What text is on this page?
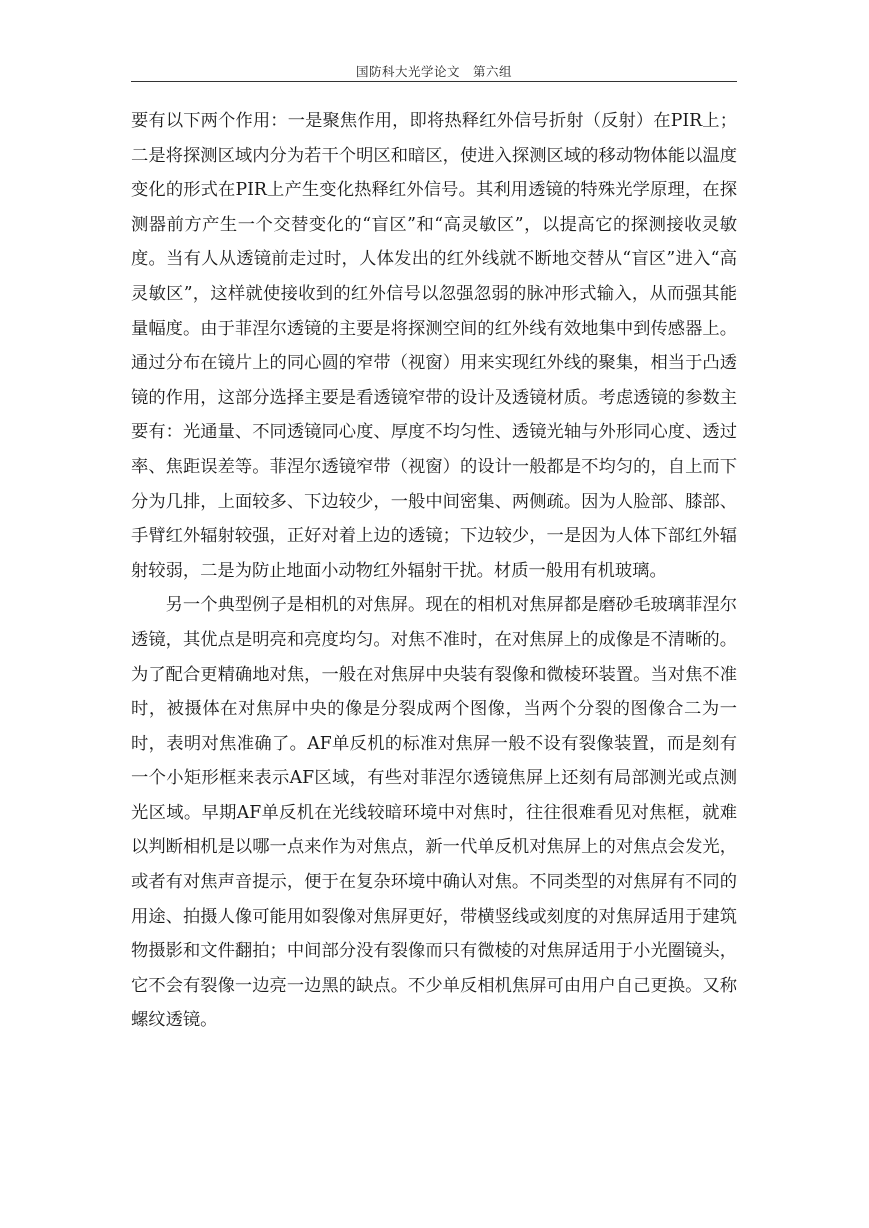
国防科大光学论文　第六组

要有以下两个作用：一是聚焦作用，即将热释红外信号折射（反射）在PIR上；二是将探测区域内分为若干个明区和暗区，使进入探测区域的移动物体能以温度变化的形式在PIR上产生变化热释红外信号。其利用透镜的特殊光学原理，在探测器前方产生一个交替变化的“盲区”和“高灵敏区”，以提高它的探测接收灵敏度。当有人从透镜前走过时，人体发出的红外线就不断地交替从“盲区”进入“高灵敏区”，这样就使接收到的红外信号以忽强忽弱的脉冲形式输入，从而强其能量幅度。由于菲涅尔透镜的主要是将探测空间的红外线有效地集中到传感器上。通过分布在镜片上的同心圆的窄带（视窗）用来实现红外线的聚集，相当于凸透镜的作用，这部分选择主要是看透镜窄带的设计及透镜材质。考虑透镜的参数主要有：光通量、不同透镜同心度、厚度不均匀性、透镜光轴与外形同心度、透过率、焦距误差等。菲涅尔透镜窄带（视窗）的设计一般都是不均匀的，自上而下分为几排，上面较多、下边较少，一般中间密集、两侧疏。因为人脸部、膝部、手臂红外辐射较强，正好对着上边的透镜；下边较少，一是因为人体下部红外辐射较弱，二是为防止地面小动物红外辐射干扰。材质一般用有机玻璃。

另一个典型例子是相机的对焦屏。现在的相机对焦屏都是磨砂毛玻璃菲涅尔透镜，其优点是明亮和亮度均匀。对焦不准时，在对焦屏上的成像是不清晰的。为了配合更精确地对焦，一般在对焦屏中央装有裂像和微棱环装置。当对焦不准时，被摄体在对焦屏中央的像是分裂成两个图像，当两个分裂的图像合二为一时，表明对焦准确了。AF单反机的标准对焦屏一般不设有裂像装置，而是刻有一个小矩形框来表示AF区域，有些对菲涅尔透镜焦屏上还刻有局部测光或点测光区域。早期AF单反机在光线较暗环境中对焦时，往往很难看见对焦框，就难以判断相机是以哪一点来作为对焦点，新一代单反机对焦屏上的对焦点会发光，或者有对焦声音提示，便于在复杂环境中确认对焦。不同类型的对焦屏有不同的用途、拍摄人像可能用如裂像对焦屏更好，带横竖线或刻度的对焦屏适用于建筑物摄影和文件翻拍；中间部分没有裂像而只有微棱的对焦屏适用于小光圈镜头，它不会有裂像一边亮一边黑的缺点。不少单反相机焦屏可由用户自己更换。又称螺纹透镜。
